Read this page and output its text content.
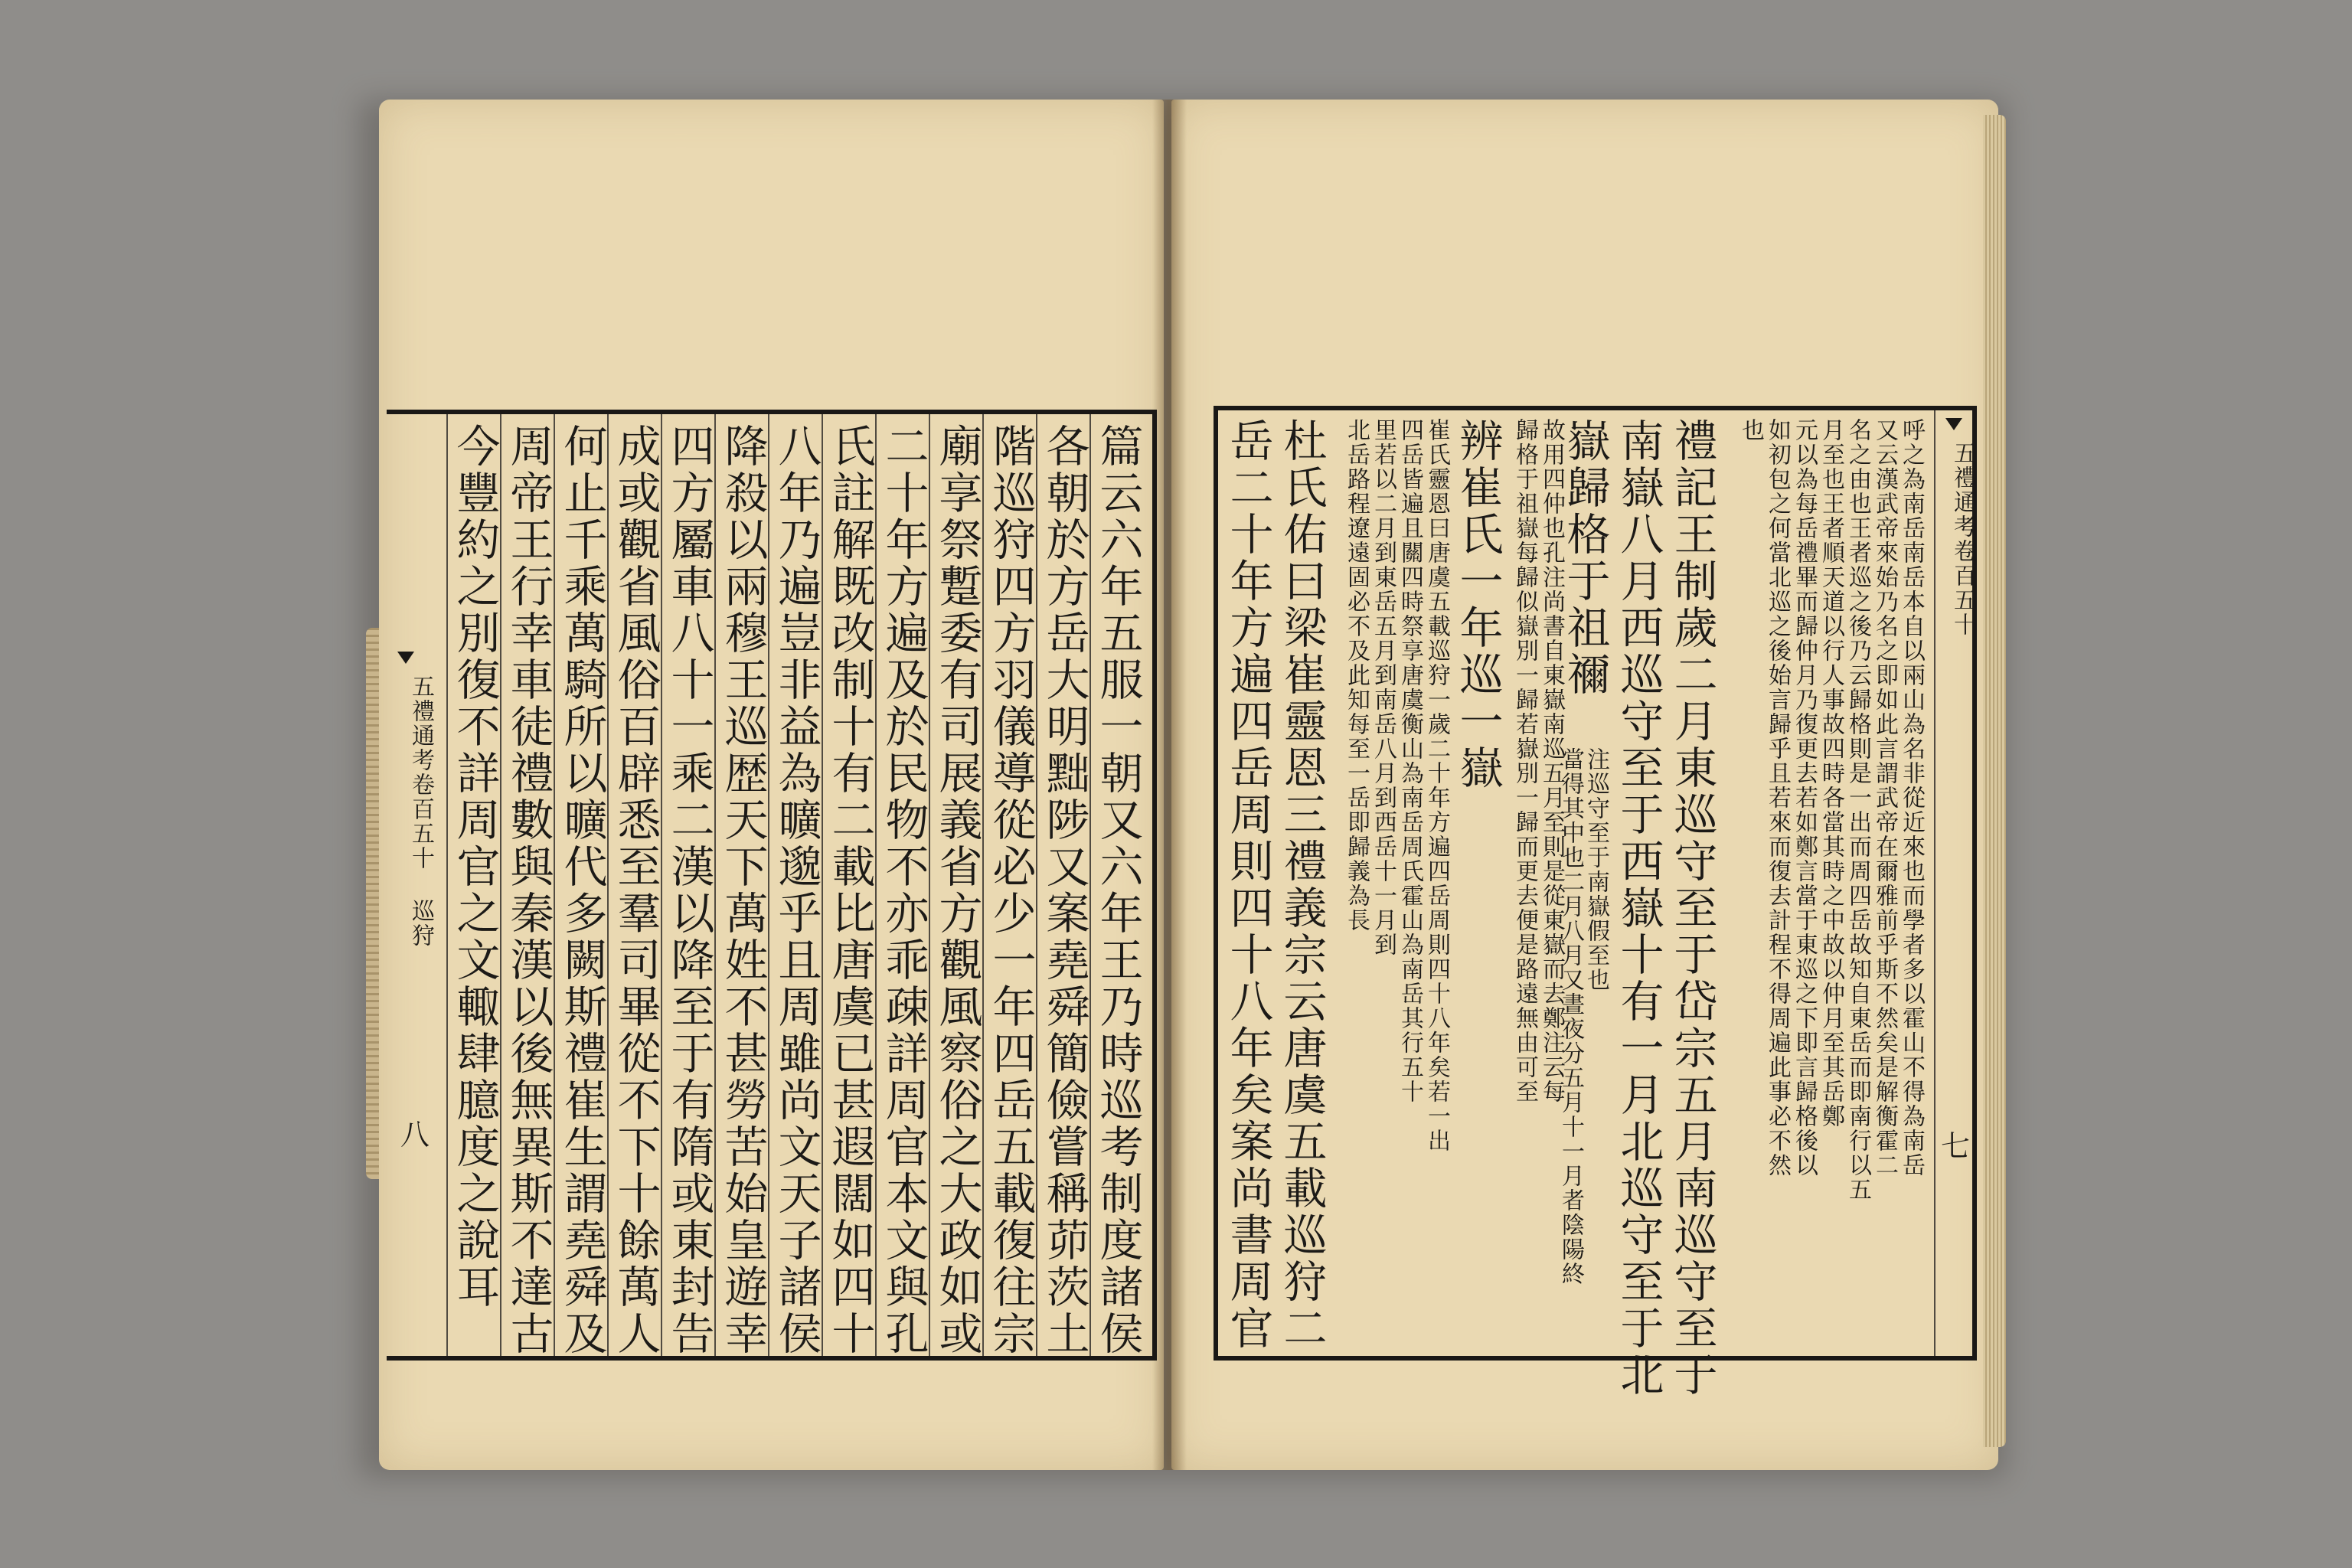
篇云六年五服一朝又六年王乃時巡考制度諸侯
各朝於方岳大明黜陟又案堯舜簡儉嘗稱茆茨土
階巡狩四方羽儀導從必少一年四岳五載復往宗
廟享祭蹔委有司展義省方觀風察俗之大政如或
二十年方遍及於民物不亦乖疎詳周官本文與孔
氏註解既改制十有二載比唐虞已甚遐闊如四十
八年乃遍豈非益為曠邈乎且周雖尚文天子諸侯
降殺以兩穆王巡歴天下萬姓不甚勞苦始皇遊幸
四方屬車八十一乘二漢以降至于有隋或東封告
成或觀省風俗百辟悉至羣司畢從不下十餘萬人
何止千乘萬騎所以曠代多闕斯禮崔生謂堯舜及
周帝王行幸車徒禮數與秦漢以後無異斯不達古
今豐約之別復不詳周官之文輙肆臆度之說耳
五禮通考卷百五十 巡狩
八
五禮通考卷百五十
七
呼之為南岳南岳本自以兩山為名非從近來也而學者多以霍山不得為南岳
又云漢武帝來始乃名之即如此言謂武帝在爾雅前乎斯不然矣是解衡霍二
名之由也王者巡之後乃云歸格則是一出而周四岳故知自東岳而即南行以五
月至也王者順天道以行人事故四時各當其時之中故以仲月至其岳鄭
元以為每岳禮畢而歸仲月乃復更去若如鄭言當于東巡之下即言歸格後以
如初包之何當北巡之後始言歸乎且若來而復去計程不得周遍此事必不然
也
禮記王制歲二月東巡守至于岱宗五月南巡守至于
南嶽八月西巡守至于西嶽十有一月北巡守至于北
嶽歸格于祖禰
注巡守至于南嶽假至也
故用四仲也孔注尚書自東嶽南巡五月至則是從東嶽而去鄭注云每
當得其中也二月八月又晝夜分五月十一月者陰陽終
歸格于祖嶽每歸似嶽別一歸若嶽別一歸而更去便是路遠無由可至
辨崔氏一年巡一嶽
崔氏靈恩曰唐虞五載巡狩一歲二十年方遍四岳周則四十八年矣若一出
四岳皆遍且關四時祭享唐虞衡山為南岳周氏霍山為南岳其行五十
里若以二月到東岳五月到南岳八月到西岳十一月到
北岳路程遼遠固必不及此知每至一岳即歸義為長
杜氏佑曰梁崔靈恩三禮義宗云唐虞五載巡狩二
岳二十年方遍四岳周則四十八年矣案尚書周官
